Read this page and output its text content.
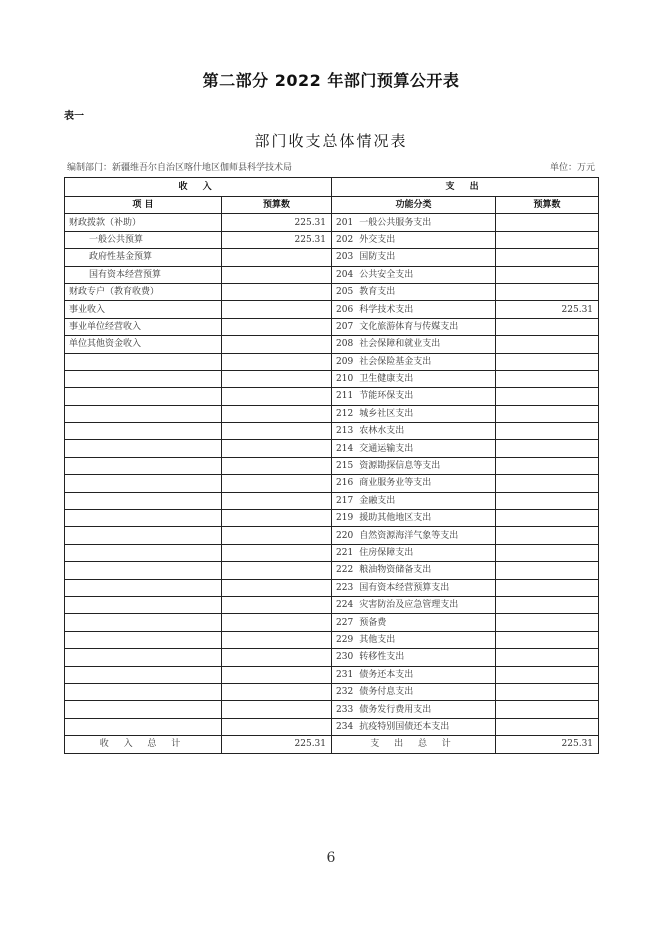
第二部分 2022 年部门预算公开表
表一
部门收支总体情况表
编制部门：新疆维吾尔自治区喀什地区伽师县科学技术局	单位：万元
收 入		支 出	
项 目	预算数	功能分类	预算数
财政拨款（补助）	225.31	201 一般公共服务支出	
一般公共预算	225.31	202 外交支出	
政府性基金预算		203 国防支出	
国有资本经营预算		204 公共安全支出	
财政专户（教育收费）		205 教育支出	
事业收入		206 科学技术支出	225.31
事业单位经营收入		207 文化旅游体育与传媒支出	
单位其他资金收入		208 社会保障和就业支出	
		209 社会保险基金支出	
		210 卫生健康支出	
		211 节能环保支出	
		212 城乡社区支出	
		213 农林水支出	
		214 交通运输支出	
		215 资源勘探信息等支出	
		216 商业服务业等支出	
		217 金融支出	
		219 援助其他地区支出	
		220 自然资源海洋气象等支出	
		221 住房保障支出	
		222 粮油物资储备支出	
		223 国有资本经营预算支出	
		224 灾害防治及应急管理支出	
		227 预备费	
		229 其他支出	
		230 转移性支出	
		231 债务还本支出	
		232 债务付息支出	
		233 债务发行费用支出	
		234 抗疫特别国债还本支出	
收 入 总 计	225.31	支 出 总 计	225.31
6
